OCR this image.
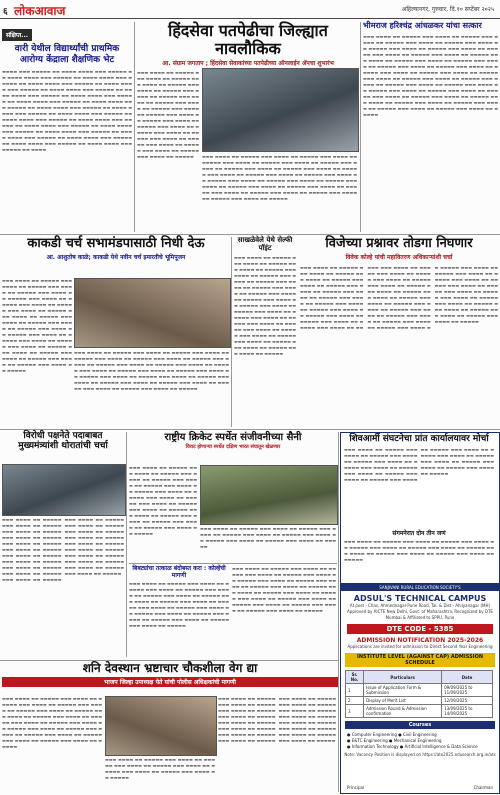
६ लोकआवाज	अहिल्यानगर, गुरुवार, दि.१० सप्टेंबर २०२५
संक्षिप्त...
वारी येथील विद्यार्थ्यांची प्राथमिक आरोग्य केंद्राला शैक्षणिक भेट
▬▬▬▬ ▬▬▬ ▬▬▬▬▬ ▬▬ ▬▬▬▬ ▬▬▬▬ ▬▬▬ ▬▬▬▬▬ ▬▬ ▬▬▬▬ ▬▬▬▬ ▬▬▬ ▬▬▬▬▬ ▬▬ ▬▬▬▬ ▬▬▬▬ ▬▬▬ ▬▬▬▬▬ ▬▬ ▬▬▬▬ ▬▬▬▬ ▬▬▬ ▬▬▬▬▬ ▬▬ ▬▬▬▬ ▬▬▬▬ ▬▬▬ ▬▬▬▬▬ ▬▬ ▬▬▬▬ ▬▬▬▬ ▬▬▬ ▬▬▬▬▬ ▬▬ ▬▬▬▬ ▬▬▬▬ ▬▬▬ ▬▬▬▬▬ ▬▬ ▬▬▬▬ ▬▬▬▬ ▬▬▬ ▬▬▬▬▬ ▬▬ ▬▬▬▬ ▬▬▬▬ ▬▬▬ ▬▬▬▬▬ ▬▬ ▬▬▬▬ ▬▬▬▬ ▬▬▬ ▬▬▬▬▬ ▬▬ ▬▬▬▬ ▬▬▬▬ ▬▬▬ ▬▬▬▬▬ ▬▬ ▬▬▬▬ ▬▬▬▬ ▬▬▬ ▬▬▬▬▬ ▬▬ ▬▬▬▬ ▬▬▬▬ ▬▬▬ ▬▬▬▬▬ ▬▬ ▬▬▬▬ ▬▬▬▬ ▬▬▬ ▬▬▬▬▬ ▬▬ ▬▬▬▬ ▬▬▬▬ ▬▬▬ ▬▬▬▬▬ ▬▬ ▬▬▬▬ ▬▬▬▬ ▬▬▬ ▬▬▬▬▬ ▬▬ ▬▬▬▬ ▬▬▬▬ ▬▬▬ ▬▬▬▬▬ ▬▬ ▬▬▬▬ ▬▬▬▬ ▬▬▬ ▬▬▬▬▬ ▬▬ ▬▬▬▬ ▬▬▬▬ ▬▬▬ ▬▬▬▬▬ ▬▬ ▬▬▬▬ ▬▬▬▬ ▬▬▬ ▬▬▬▬▬ ▬▬ ▬▬▬▬ ▬▬▬▬ ▬▬▬ ▬▬▬▬▬ ▬▬ ▬▬▬▬ ▬▬▬▬ ▬▬▬ ▬▬▬▬▬ ▬▬ ▬▬▬▬
हिंदसेवा पतपेढीचा जिल्ह्यात नावलौकिक
आ. संग्राम जगताप ; हिंदसेवा सेवाकांच्या पतपेढीच्या ऑनलाईन ॲपचा शुभारंभ
▬▬▬ ▬▬▬▬ ▬▬ ▬▬▬▬▬ ▬▬▬ ▬▬▬▬ ▬▬ ▬▬▬▬▬ ▬▬▬ ▬▬▬▬ ▬▬ ▬▬▬▬▬ ▬▬▬ ▬▬▬▬ ▬▬ ▬▬▬▬▬ ▬▬▬ ▬▬▬▬ ▬▬ ▬▬▬▬▬ ▬▬▬ ▬▬▬▬ ▬▬ ▬▬▬▬▬ ▬▬▬ ▬▬▬▬ ▬▬ ▬▬▬▬▬ ▬▬▬ ▬▬▬▬ ▬▬ ▬▬▬▬▬ ▬▬▬ ▬▬▬▬ ▬▬ ▬▬▬▬▬ ▬▬▬ ▬▬▬▬ ▬▬ ▬▬▬▬▬ ▬▬▬ ▬▬▬▬ ▬▬ ▬▬▬▬▬ ▬▬▬ ▬▬▬▬ ▬▬ ▬▬▬▬▬ ▬▬▬ ▬▬▬▬ ▬▬ ▬▬▬▬▬ ▬▬▬ ▬▬▬▬ ▬▬ ▬▬▬▬▬ ▬▬▬ ▬▬▬▬ ▬▬ ▬▬▬▬▬ ▬▬▬ ▬▬▬▬ ▬▬ ▬▬▬▬▬	▬▬▬ ▬▬▬▬ ▬▬ ▬▬▬▬▬ ▬▬▬ ▬▬▬▬ ▬▬ ▬▬▬▬▬ ▬▬▬ ▬▬▬▬ ▬▬ ▬▬▬▬▬ ▬▬▬ ▬▬▬▬ ▬▬ ▬▬▬▬▬ ▬▬▬ ▬▬▬▬ ▬▬ ▬▬▬▬▬ ▬▬▬ ▬▬▬▬ ▬▬ ▬▬▬▬▬ ▬▬▬ ▬▬▬▬ ▬▬ ▬▬▬▬▬ ▬▬▬ ▬▬▬▬ ▬▬ ▬▬▬▬▬ ▬▬▬ ▬▬▬▬ ▬▬ ▬▬▬▬▬ ▬▬▬ ▬▬▬▬ ▬▬ ▬▬▬▬▬ ▬▬▬ ▬▬▬▬ ▬▬ ▬▬▬▬▬ ▬▬▬ ▬▬▬▬ ▬▬ ▬▬▬▬▬ ▬▬▬ ▬▬▬▬ ▬▬ ▬▬▬▬▬ ▬▬▬ ▬▬▬▬ ▬▬ ▬▬▬▬▬ ▬▬▬ ▬▬▬▬ ▬▬ ▬▬▬▬▬ ▬▬▬ ▬▬▬▬ ▬▬ ▬▬▬▬▬ ▬▬▬ ▬▬▬▬ ▬▬ ▬▬▬▬▬ ▬▬▬ ▬▬▬▬ ▬▬ ▬▬▬▬▬ ▬▬▬ ▬▬▬▬ ▬▬ ▬▬▬▬▬ ▬▬▬ ▬▬▬▬ ▬▬ ▬▬▬▬▬
भीमराज हरिश्चंद्र आंधळकर यांचा सत्कार
▬▬▬ ▬▬▬▬ ▬▬ ▬▬▬▬▬ ▬▬▬ ▬▬▬▬ ▬▬ ▬▬▬▬▬ ▬▬▬ ▬▬▬▬ ▬▬ ▬▬▬▬▬ ▬▬▬ ▬▬▬▬ ▬▬ ▬▬▬▬▬ ▬▬▬ ▬▬▬▬ ▬▬ ▬▬▬▬▬ ▬▬▬ ▬▬▬▬ ▬▬ ▬▬▬▬▬ ▬▬▬ ▬▬▬▬ ▬▬ ▬▬▬▬▬ ▬▬▬ ▬▬▬▬ ▬▬ ▬▬▬▬▬ ▬▬▬ ▬▬▬▬ ▬▬ ▬▬▬▬▬ ▬▬▬ ▬▬▬▬ ▬▬ ▬▬▬▬▬ ▬▬▬ ▬▬▬▬ ▬▬ ▬▬▬▬▬ ▬▬▬ ▬▬▬▬ ▬▬ ▬▬▬▬▬ ▬▬▬ ▬▬▬▬ ▬▬ ▬▬▬▬▬ ▬▬▬ ▬▬▬▬ ▬▬ ▬▬▬▬▬ ▬▬▬ ▬▬▬▬ ▬▬ ▬▬▬▬▬ ▬▬▬ ▬▬▬▬ ▬▬ ▬▬▬▬▬ ▬▬▬ ▬▬▬▬ ▬▬ ▬▬▬▬▬ ▬▬▬ ▬▬▬▬ ▬▬ ▬▬▬▬▬ ▬▬▬ ▬▬▬▬ ▬▬ ▬▬▬▬▬ ▬▬▬ ▬▬▬▬ ▬▬ ▬▬▬▬▬ ▬▬▬ ▬▬▬▬ ▬▬ ▬▬▬▬▬ ▬▬▬ ▬▬▬▬ ▬▬ ▬▬▬▬▬ ▬▬▬ ▬▬▬▬ ▬▬ ▬▬▬▬▬ ▬▬▬ ▬▬▬▬ ▬▬ ▬▬▬▬▬ ▬▬▬ ▬▬▬▬ ▬▬ ▬▬▬▬▬ ▬▬▬ ▬▬▬▬ ▬▬ ▬▬▬▬▬ ▬▬▬ ▬▬▬▬ ▬▬ ▬▬▬▬▬ ▬▬▬ ▬▬▬▬ ▬▬ ▬▬▬▬▬ ▬▬▬ ▬▬▬▬ ▬▬ ▬▬▬▬▬ ▬▬▬ ▬▬▬▬ ▬▬ ▬▬▬▬▬
काकडी चर्च सभामंडपासाठी निधी देऊ
आ. आशुतोष काळे; काकडी येथे नवीन चर्च इमारतीचे भूमिपूजन
▬▬▬ ▬▬▬▬ ▬▬ ▬▬▬▬▬ ▬▬▬ ▬▬▬▬ ▬▬ ▬▬▬▬▬ ▬▬▬ ▬▬▬▬ ▬▬ ▬▬▬▬▬ ▬▬▬ ▬▬▬▬ ▬▬ ▬▬▬▬▬ ▬▬▬ ▬▬▬▬ ▬▬ ▬▬▬▬▬ ▬▬▬ ▬▬▬▬ ▬▬ ▬▬▬▬▬ ▬▬▬ ▬▬▬▬ ▬▬ ▬▬▬▬▬ ▬▬▬ ▬▬▬▬ ▬▬ ▬▬▬▬▬ ▬▬▬ ▬▬▬▬ ▬▬ ▬▬▬▬▬ ▬▬▬ ▬▬▬▬ ▬▬ ▬▬▬▬▬ ▬▬▬ ▬▬▬▬ ▬▬ ▬▬▬▬▬ ▬▬▬ ▬▬▬▬ ▬▬ ▬▬▬▬▬ ▬▬▬ ▬▬▬▬ ▬▬ ▬▬▬▬▬ ▬▬▬ ▬▬▬▬ ▬▬ ▬▬▬▬▬ ▬▬▬ ▬▬▬▬ ▬▬ ▬▬▬▬▬ ▬▬▬ ▬▬▬▬ ▬▬ ▬▬▬▬▬ ▬▬▬ ▬▬▬▬ ▬▬ ▬▬▬▬▬ ▬▬▬ ▬▬▬▬ ▬▬ ▬▬▬▬▬
▬▬▬ ▬▬▬▬ ▬▬ ▬▬▬▬▬ ▬▬▬ ▬▬▬▬ ▬▬ ▬▬▬▬▬ ▬▬▬ ▬▬▬▬ ▬▬ ▬▬▬▬▬ ▬▬▬ ▬▬▬▬ ▬▬ ▬▬▬▬▬ ▬▬▬ ▬▬▬▬ ▬▬ ▬▬▬▬▬ ▬▬▬ ▬▬▬▬ ▬▬ ▬▬▬▬▬ ▬▬▬ ▬▬▬▬ ▬▬ ▬▬▬▬▬ ▬▬▬ ▬▬▬▬ ▬▬ ▬▬▬▬▬ ▬▬▬ ▬▬▬▬ ▬▬ ▬▬▬▬▬ ▬▬▬ ▬▬▬▬ ▬▬ ▬▬▬▬▬ ▬▬▬ ▬▬▬▬ ▬▬ ▬▬▬▬▬ ▬▬▬ ▬▬▬▬ ▬▬ ▬▬▬▬▬ ▬▬▬ ▬▬▬▬ ▬▬ ▬▬▬▬▬ ▬▬▬ ▬▬▬▬ ▬▬ ▬▬▬▬▬ ▬▬▬ ▬▬▬▬ ▬▬ ▬▬▬▬▬ ▬▬▬ ▬▬▬▬ ▬▬ ▬▬▬▬▬ ▬▬▬ ▬▬▬▬ ▬▬ ▬▬▬▬▬ ▬▬▬ ▬▬▬▬ ▬▬ ▬▬▬▬▬
साखळेवेले येथे सेल्फी पॉइंट
▬▬▬ ▬▬▬▬ ▬▬ ▬▬▬▬▬ ▬▬▬ ▬▬▬▬ ▬▬ ▬▬▬▬▬ ▬▬▬ ▬▬▬▬ ▬▬ ▬▬▬▬▬ ▬▬▬ ▬▬▬▬ ▬▬ ▬▬▬▬▬ ▬▬▬ ▬▬▬▬ ▬▬ ▬▬▬▬▬ ▬▬▬ ▬▬▬▬ ▬▬ ▬▬▬▬▬ ▬▬▬ ▬▬▬▬ ▬▬ ▬▬▬▬▬ ▬▬▬ ▬▬▬▬ ▬▬ ▬▬▬▬▬ ▬▬▬ ▬▬▬▬ ▬▬ ▬▬▬▬▬ ▬▬▬ ▬▬▬▬ ▬▬ ▬▬▬▬▬ ▬▬▬ ▬▬▬▬ ▬▬ ▬▬▬▬▬ ▬▬▬ ▬▬▬▬ ▬▬ ▬▬▬▬▬ ▬▬▬ ▬▬▬▬ ▬▬ ▬▬▬▬▬ ▬▬▬ ▬▬▬▬ ▬▬ ▬▬▬▬▬ ▬▬▬ ▬▬▬▬ ▬▬ ▬▬▬▬▬ ▬▬▬ ▬▬▬▬ ▬▬ ▬▬▬▬▬ ▬▬▬ ▬▬▬▬ ▬▬ ▬▬▬▬▬ ▬▬▬ ▬▬▬▬ ▬▬ ▬▬▬▬▬
विजेच्या प्रश्नावर तोडगा निघणार
विवेक कोल्हे यांची महावितरण अधिकाऱ्यांशी चर्चा
▬▬▬ ▬▬▬▬ ▬▬ ▬▬▬▬▬ ▬▬▬ ▬▬▬▬ ▬▬ ▬▬▬▬▬ ▬▬▬ ▬▬▬▬ ▬▬ ▬▬▬▬▬ ▬▬▬ ▬▬▬▬ ▬▬ ▬▬▬▬▬ ▬▬▬ ▬▬▬▬ ▬▬ ▬▬▬▬▬ ▬▬▬ ▬▬▬▬ ▬▬ ▬▬▬▬▬ ▬▬▬ ▬▬▬▬ ▬▬ ▬▬▬▬▬ ▬▬▬ ▬▬▬▬ ▬▬ ▬▬▬▬▬ ▬▬▬ ▬▬▬▬ ▬▬ ▬▬▬▬▬ ▬▬▬ ▬▬▬▬ ▬▬ ▬▬▬▬▬ ▬▬▬ ▬▬▬▬ ▬▬ ▬▬▬▬▬ ▬▬▬ ▬▬▬▬ ▬▬ ▬▬▬▬▬ ▬▬▬ ▬▬▬▬ ▬▬ ▬▬▬▬▬ ▬▬▬ ▬▬▬▬ ▬▬ ▬▬▬▬▬ ▬▬▬ ▬▬▬▬ ▬▬ ▬▬▬▬▬ ▬▬▬ ▬▬▬▬ ▬▬ ▬▬▬▬▬ ▬▬▬ ▬▬▬▬ ▬▬ ▬▬▬▬▬ ▬▬▬ ▬▬▬▬ ▬▬ ▬▬▬▬▬ ▬▬▬ ▬▬▬▬ ▬▬ ▬▬▬▬▬ ▬▬▬ ▬▬▬▬ ▬▬ ▬▬▬▬▬ ▬▬▬ ▬▬▬▬ ▬▬ ▬▬▬▬▬ ▬▬▬ ▬▬▬▬ ▬▬ ▬▬▬▬▬ ▬▬▬ ▬▬▬▬ ▬▬ ▬▬▬▬▬ ▬▬▬ ▬▬▬▬ ▬▬ ▬▬▬▬▬ ▬▬▬ ▬▬▬▬ ▬▬ ▬▬▬▬▬ ▬▬▬ ▬▬▬▬ ▬▬ ▬▬▬▬▬ ▬▬▬ ▬▬▬▬ ▬▬ ▬▬▬▬▬ ▬▬▬ ▬▬▬▬ ▬▬ ▬▬▬▬▬ ▬▬▬ ▬▬▬▬ ▬▬ ▬▬▬▬▬ ▬▬▬ ▬▬▬▬ ▬▬ ▬▬▬▬▬ ▬▬▬ ▬▬▬▬ ▬▬ ▬▬▬▬▬ ▬▬▬ ▬▬▬▬ ▬▬ ▬▬▬▬▬ ▬▬▬ ▬▬▬▬ ▬▬ ▬▬▬▬▬ ▬▬▬ ▬▬▬▬ ▬▬ ▬▬▬▬▬
विरोधी पक्षनेते पदाबाबत मुख्यमंत्र्यांशी थोरातांची चर्चा
▬▬▬ ▬▬▬▬ ▬▬ ▬▬▬▬▬ ▬▬▬ ▬▬▬▬ ▬▬ ▬▬▬▬▬ ▬▬▬ ▬▬▬▬ ▬▬ ▬▬▬▬▬ ▬▬▬ ▬▬▬▬ ▬▬ ▬▬▬▬▬ ▬▬▬ ▬▬▬▬ ▬▬ ▬▬▬▬▬ ▬▬▬ ▬▬▬▬ ▬▬ ▬▬▬▬▬ ▬▬▬ ▬▬▬▬ ▬▬ ▬▬▬▬▬ ▬▬▬ ▬▬▬▬ ▬▬ ▬▬▬▬▬ ▬▬▬ ▬▬▬▬ ▬▬ ▬▬▬▬▬ ▬▬▬ ▬▬▬▬ ▬▬ ▬▬▬▬▬ ▬▬▬ ▬▬▬▬ ▬▬ ▬▬▬▬▬ ▬▬▬ ▬▬▬▬ ▬▬ ▬▬▬▬▬ ▬▬▬ ▬▬▬▬ ▬▬ ▬▬▬▬▬ ▬▬▬ ▬▬▬▬ ▬▬ ▬▬▬▬▬ ▬▬▬ ▬▬▬▬ ▬▬ ▬▬▬▬▬ ▬▬▬ ▬▬▬▬ ▬▬ ▬▬▬▬▬ ▬▬▬ ▬▬▬▬ ▬▬ ▬▬▬▬▬ ▬▬▬ ▬▬▬▬ ▬▬ ▬▬▬▬▬ ▬▬▬ ▬▬▬▬ ▬▬ ▬▬▬▬▬ ▬▬▬ ▬▬▬▬ ▬▬ ▬▬▬▬▬ ▬▬▬ ▬▬▬▬ ▬▬ ▬▬▬▬▬
राष्ट्रीय क्रिकेट स्पर्धेत संजीवनीच्या सैनी
विराट होणाऱ्या स्पर्धेत दक्षिण भारत संघातून खेळणार
▬▬▬ ▬▬▬▬ ▬▬ ▬▬▬▬▬ ▬▬▬ ▬▬▬▬ ▬▬ ▬▬▬▬▬ ▬▬▬ ▬▬▬▬ ▬▬ ▬▬▬▬▬ ▬▬▬ ▬▬▬▬ ▬▬ ▬▬▬▬▬ ▬▬▬ ▬▬▬▬ ▬▬ ▬▬▬▬▬ ▬▬▬ ▬▬▬▬ ▬▬ ▬▬▬▬▬ ▬▬▬ ▬▬▬▬ ▬▬ ▬▬▬▬▬ ▬▬▬ ▬▬▬▬ ▬▬ ▬▬▬▬▬ ▬▬▬ ▬▬▬▬ ▬▬ ▬▬▬▬▬ ▬▬▬ ▬▬▬▬ ▬▬ ▬▬▬▬▬ ▬▬▬ ▬▬▬▬ ▬▬ ▬▬▬▬▬ ▬▬▬ ▬▬▬▬ ▬▬ ▬▬▬▬▬ ▬▬▬ ▬▬▬▬ ▬▬ ▬▬▬▬▬
▬▬▬ ▬▬▬▬ ▬▬ ▬▬▬▬▬ ▬▬▬ ▬▬▬▬ ▬▬ ▬▬▬▬▬ ▬▬▬ ▬▬▬▬ ▬▬ ▬▬▬▬▬ ▬▬▬ ▬▬▬▬ ▬▬ ▬▬▬▬▬ ▬▬▬ ▬▬▬▬ ▬▬ ▬▬▬▬▬ ▬▬▬ ▬▬▬▬ ▬▬ ▬▬▬▬▬ ▬▬▬ ▬▬▬▬ ▬▬ ▬▬▬▬▬
बिबट्यांचा तत्काळ बंदोबस्त करा : कोल्हेंची मागणी
▬▬▬ ▬▬▬▬ ▬▬ ▬▬▬▬▬ ▬▬▬ ▬▬▬▬ ▬▬ ▬▬▬▬▬ ▬▬▬ ▬▬▬▬ ▬▬ ▬▬▬▬▬ ▬▬▬ ▬▬▬▬ ▬▬ ▬▬▬▬▬ ▬▬▬ ▬▬▬▬ ▬▬ ▬▬▬▬▬ ▬▬▬ ▬▬▬▬ ▬▬ ▬▬▬▬▬ ▬▬▬ ▬▬▬▬ ▬▬ ▬▬▬▬▬ ▬▬▬ ▬▬▬▬ ▬▬ ▬▬▬▬▬ ▬▬▬ ▬▬▬▬ ▬▬ ▬▬▬▬▬ ▬▬▬ ▬▬▬▬ ▬▬ ▬▬▬▬▬ ▬▬▬ ▬▬▬▬ ▬▬ ▬▬▬▬▬ ▬▬▬ ▬▬▬▬ ▬▬ ▬▬▬▬▬ ▬▬▬ ▬▬▬▬ ▬▬ ▬▬▬▬▬
▬▬▬ ▬▬▬▬ ▬▬ ▬▬▬▬▬ ▬▬▬ ▬▬▬▬ ▬▬ ▬▬▬▬▬ ▬▬▬ ▬▬▬▬ ▬▬ ▬▬▬▬▬ ▬▬▬ ▬▬▬▬ ▬▬ ▬▬▬▬▬ ▬▬▬ ▬▬▬▬ ▬▬ ▬▬▬▬▬ ▬▬▬ ▬▬▬▬ ▬▬ ▬▬▬▬▬ ▬▬▬ ▬▬▬▬ ▬▬ ▬▬▬▬▬ ▬▬▬ ▬▬▬▬ ▬▬ ▬▬▬▬▬ ▬▬▬ ▬▬▬▬ ▬▬ ▬▬▬▬▬ ▬▬▬ ▬▬▬▬ ▬▬ ▬▬▬▬▬ ▬▬▬ ▬▬▬▬ ▬▬ ▬▬▬▬▬ ▬▬▬ ▬▬▬▬ ▬▬ ▬▬▬▬▬ ▬▬▬ ▬▬▬▬ ▬▬ ▬▬▬▬▬ ▬▬▬ ▬▬▬▬ ▬▬ ▬▬▬▬▬
शनि देवस्थान भ्रष्टाचार चौकशीला वेग द्या
भाजप जिल्हा उपाध्यक्ष येते यांची पोलीस अधिक्षकांची मागणी
▬▬▬ ▬▬▬▬ ▬▬ ▬▬▬▬▬ ▬▬▬ ▬▬▬▬ ▬▬ ▬▬▬▬▬ ▬▬▬ ▬▬▬▬ ▬▬ ▬▬▬▬▬ ▬▬▬ ▬▬▬▬ ▬▬ ▬▬▬▬▬ ▬▬▬ ▬▬▬▬ ▬▬ ▬▬▬▬▬ ▬▬▬ ▬▬▬▬ ▬▬ ▬▬▬▬▬ ▬▬▬ ▬▬▬▬ ▬▬ ▬▬▬▬▬ ▬▬▬ ▬▬▬▬ ▬▬ ▬▬▬▬▬ ▬▬▬ ▬▬▬▬ ▬▬ ▬▬▬▬▬ ▬▬▬ ▬▬▬▬ ▬▬ ▬▬▬▬▬ ▬▬▬ ▬▬▬▬ ▬▬ ▬▬▬▬▬ ▬▬▬ ▬▬▬▬ ▬▬ ▬▬▬▬▬ ▬▬▬ ▬▬▬▬ ▬▬ ▬▬▬▬▬ ▬▬▬ ▬▬▬▬ ▬▬ ▬▬▬▬▬
▬▬▬ ▬▬▬▬ ▬▬ ▬▬▬▬▬ ▬▬▬ ▬▬▬▬ ▬▬ ▬▬▬▬▬ ▬▬▬ ▬▬▬▬ ▬▬ ▬▬▬▬▬ ▬▬▬ ▬▬▬▬ ▬▬ ▬▬▬▬▬ ▬▬▬ ▬▬▬▬ ▬▬ ▬▬▬▬▬ ▬▬▬ ▬▬▬▬ ▬▬ ▬▬▬▬▬
▬▬▬ ▬▬▬▬ ▬▬ ▬▬▬▬▬ ▬▬▬ ▬▬▬▬ ▬▬ ▬▬▬▬▬ ▬▬▬ ▬▬▬▬ ▬▬ ▬▬▬▬▬ ▬▬▬ ▬▬▬▬ ▬▬ ▬▬▬▬▬ ▬▬▬ ▬▬▬▬ ▬▬ ▬▬▬▬▬ ▬▬▬ ▬▬▬▬ ▬▬ ▬▬▬▬▬ ▬▬▬ ▬▬▬▬ ▬▬ ▬▬▬▬▬ ▬▬▬ ▬▬▬▬ ▬▬ ▬▬▬▬▬ ▬▬▬ ▬▬▬▬ ▬▬ ▬▬▬▬▬ ▬▬▬ ▬▬▬▬ ▬▬ ▬▬▬▬▬ ▬▬▬ ▬▬▬▬ ▬▬ ▬▬▬▬▬ ▬▬▬ ▬▬▬▬ ▬▬ ▬▬▬▬▬ ▬▬▬ ▬▬▬▬ ▬▬ ▬▬▬▬▬ ▬▬▬ ▬▬▬▬ ▬▬ ▬▬▬▬▬ ▬▬▬ ▬▬▬▬ ▬▬ ▬▬▬▬▬ ▬▬▬ ▬▬▬▬ ▬▬ ▬▬▬▬▬
शिवआर्मी संघटनेचा प्रांत कार्यालयावर मोर्चा
▬▬▬ ▬▬▬▬ ▬▬ ▬▬▬▬▬ ▬▬▬ ▬▬▬▬ ▬▬ ▬▬▬▬▬ ▬▬▬ ▬▬▬▬ ▬▬ ▬▬▬▬▬ ▬▬▬ ▬▬▬▬ ▬▬ ▬▬▬▬▬ ▬▬▬ ▬▬▬▬ ▬▬ ▬▬▬▬▬ ▬▬▬ ▬▬▬▬ ▬▬ ▬▬▬▬▬ ▬▬▬ ▬▬▬▬ ▬▬ ▬▬▬▬▬ ▬▬▬ ▬▬▬▬ ▬▬ ▬▬▬▬▬ ▬▬▬ ▬▬▬▬ ▬▬ ▬▬▬▬▬ ▬▬▬ ▬▬▬▬ ▬▬ ▬▬▬▬▬ ▬▬▬ ▬▬▬▬ ▬▬ ▬▬▬▬▬ ▬▬▬ ▬▬▬▬ ▬▬ ▬▬▬▬▬ ▬▬▬ ▬▬▬▬ ▬▬ ▬▬▬▬▬
संगमनेरात दोन तीन जणं
▬▬▬ ▬▬▬▬ ▬▬ ▬▬▬▬▬ ▬▬▬ ▬▬▬▬ ▬▬ ▬▬▬▬▬ ▬▬▬ ▬▬▬▬ ▬▬ ▬▬▬▬▬ ▬▬▬ ▬▬▬▬ ▬▬ ▬▬▬▬▬ ▬▬▬ ▬▬▬▬ ▬▬ ▬▬▬▬▬ ▬▬▬ ▬▬▬▬ ▬▬ ▬▬▬▬▬ ▬▬▬ ▬▬▬▬ ▬▬ ▬▬▬▬▬ ▬▬▬ ▬▬▬▬ ▬▬ ▬▬▬▬▬
SANJIVANI RURAL EDUCATION SOCIETY'S
ADSUL'S TECHNICAL CAMPUS
At post - Chas, Ahmednagar-Pune Road, Tal. & Dist - Ahilyanagar (MH)
Approved by AICTE New Delhi, Govt. of Maharashtra, Recognized by DTE Mumbai & Affiliated to SPPU, Pune
DTE CODE - 5385
ADMISSION NOTIFICATION 2025-2026
Applications are invited for admission to Direct Second Year Engineering
INSTITUTE LEVEL (AGAINST CAP) ADMISSION SCHEDULE
Sr. No.	Particulars	Date
1	Issue of Application Form & Submission	09/09/2025 to 11/09/2025
2	Display of Merit List	12/09/2025
3	Admission Round & Admission confirmation	13/09/2025 to 14/09/2025
Courses
● Computer Engineering ● Civil Engineering
● E&TC Engineering ● Mechanical Engineering
● Information Technology ● Artificial Intelligence & Data Science
Note: Vacancy Position is displayed on https://ate2025.edusearch.org.in/ats
Principal	Chairman
